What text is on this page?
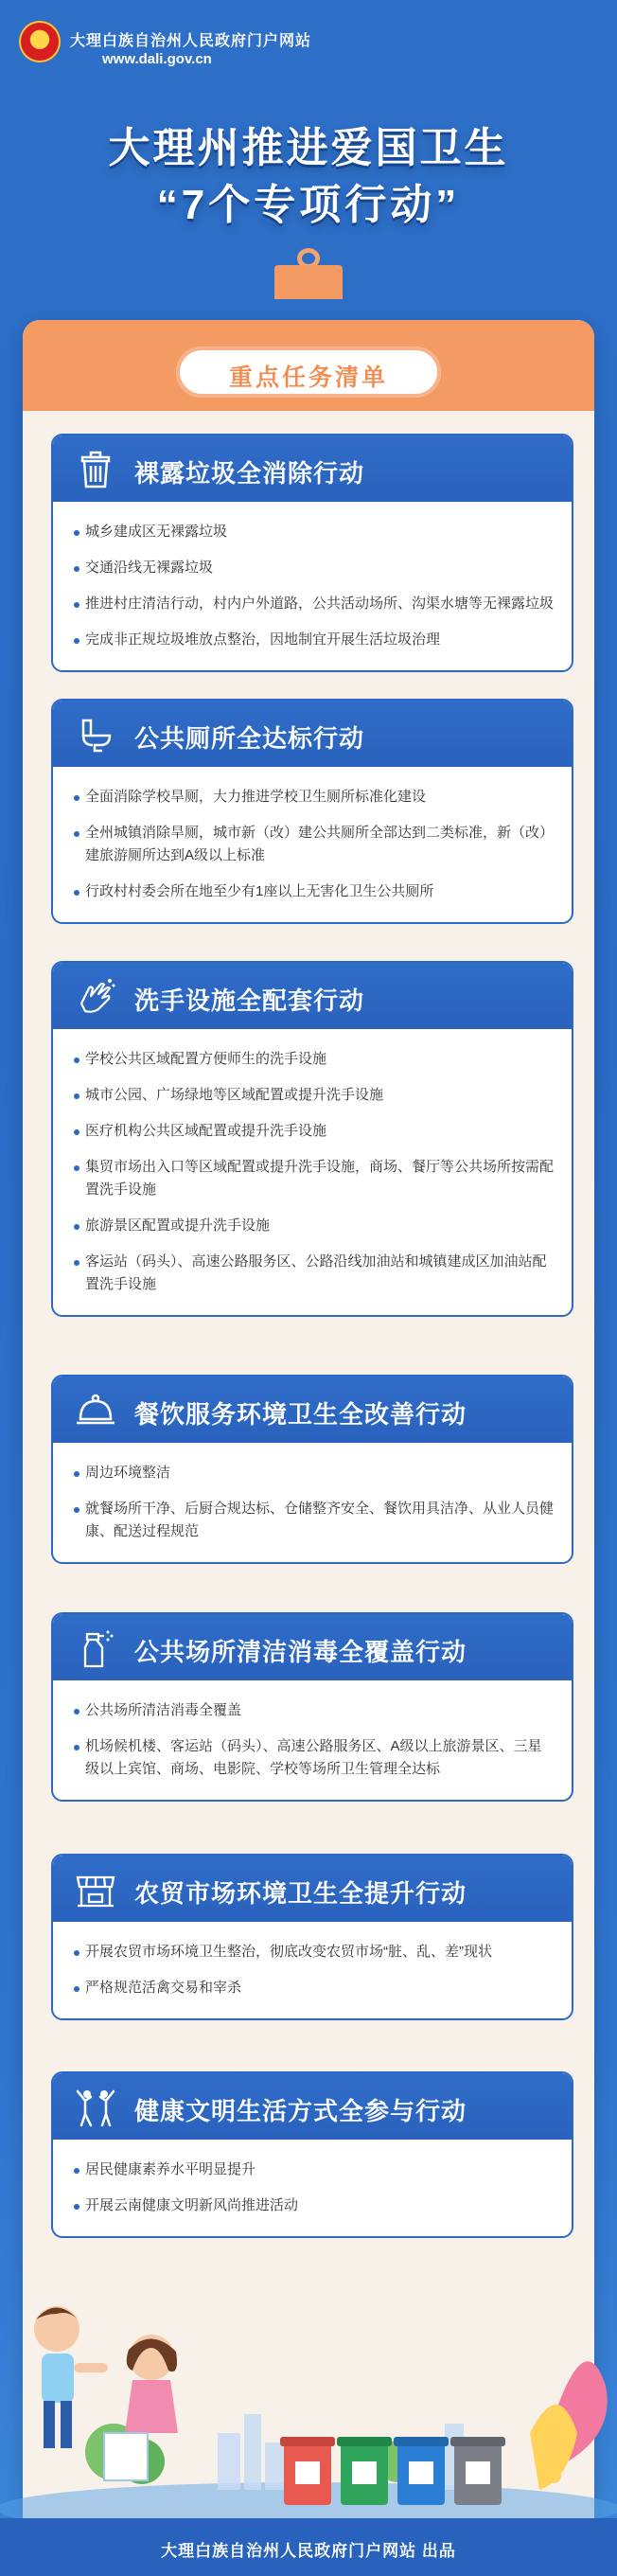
★	大理白族自治州人民政府门户网站
www.dali.gov.cn
大理州推进爱国卫生
“7个专项行动”
重点任务清单
裸露垃圾全消除行动
城乡建成区无裸露垃圾
交通沿线无裸露垃圾
推进村庄清洁行动，村内户外道路，公共活动场所、沟渠水塘等无裸露垃圾
完成非正规垃圾堆放点整治，因地制宜开展生活垃圾治理
公共厕所全达标行动
全面消除学校旱厕，大力推进学校卫生厕所标准化建设
全州城镇消除旱厕，城市新（改）建公共厕所全部达到二类标准，新（改）建旅游厕所达到A级以上标准
行政村村委会所在地至少有1座以上无害化卫生公共厕所
洗手设施全配套行动
学校公共区域配置方便师生的洗手设施
城市公园、广场绿地等区域配置或提升洗手设施
医疗机构公共区域配置或提升洗手设施
集贸市场出入口等区域配置或提升洗手设施，商场、餐厅等公共场所按需配置洗手设施
旅游景区配置或提升洗手设施
客运站（码头）、高速公路服务区、公路沿线加油站和城镇建成区加油站配置洗手设施
餐饮服务环境卫生全改善行动
周边环境整洁
就餐场所干净、后厨合规达标、仓储整齐安全、餐饮用具洁净、从业人员健康、配送过程规范
公共场所清洁消毒全覆盖行动
公共场所清洁消毒全覆盖
机场候机楼、客运站（码头）、高速公路服务区、A级以上旅游景区、三星级以上宾馆、商场、电影院、学校等场所卫生管理全达标
农贸市场环境卫生全提升行动
开展农贸市场环境卫生整治，彻底改变农贸市场“脏、乱、差”现状
严格规范活禽交易和宰杀
健康文明生活方式全参与行动
居民健康素养水平明显提升
开展云南健康文明新风尚推进活动
大理白族自治州人民政府门户网站 出品
